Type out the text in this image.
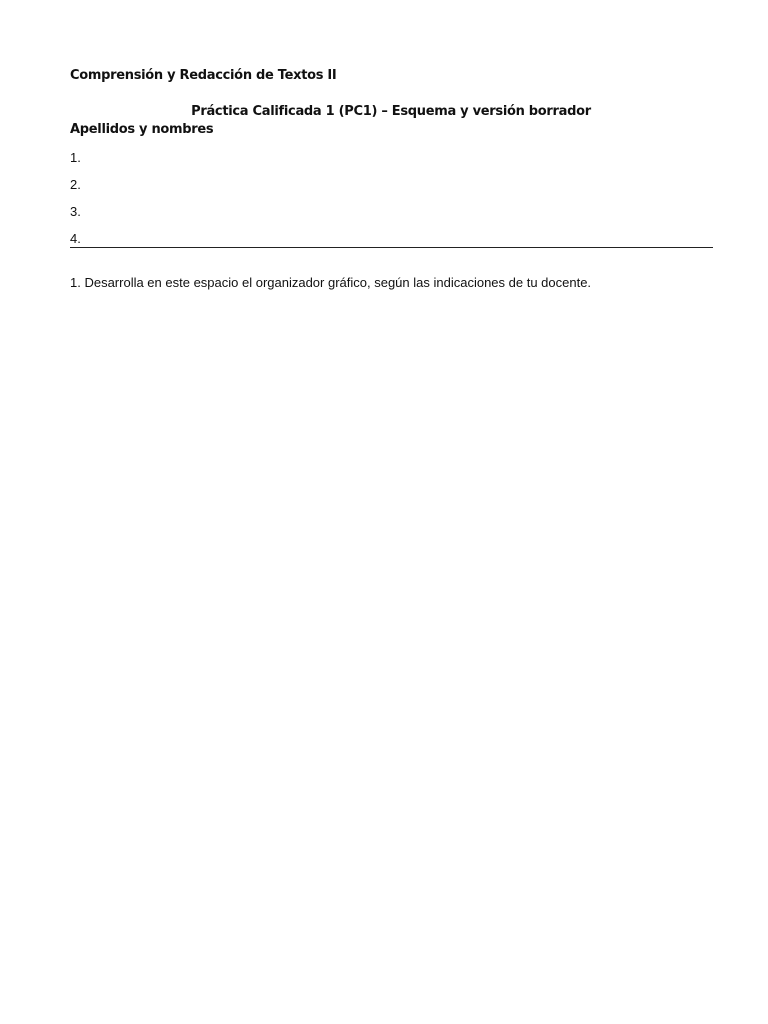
Comprensión y Redacción de Textos II
Práctica Calificada 1 (PC1) – Esquema y versión borrador
Apellidos y nombres
1.
2.
3.
4.
1. Desarrolla en este espacio el organizador gráfico, según las indicaciones de tu docente.
